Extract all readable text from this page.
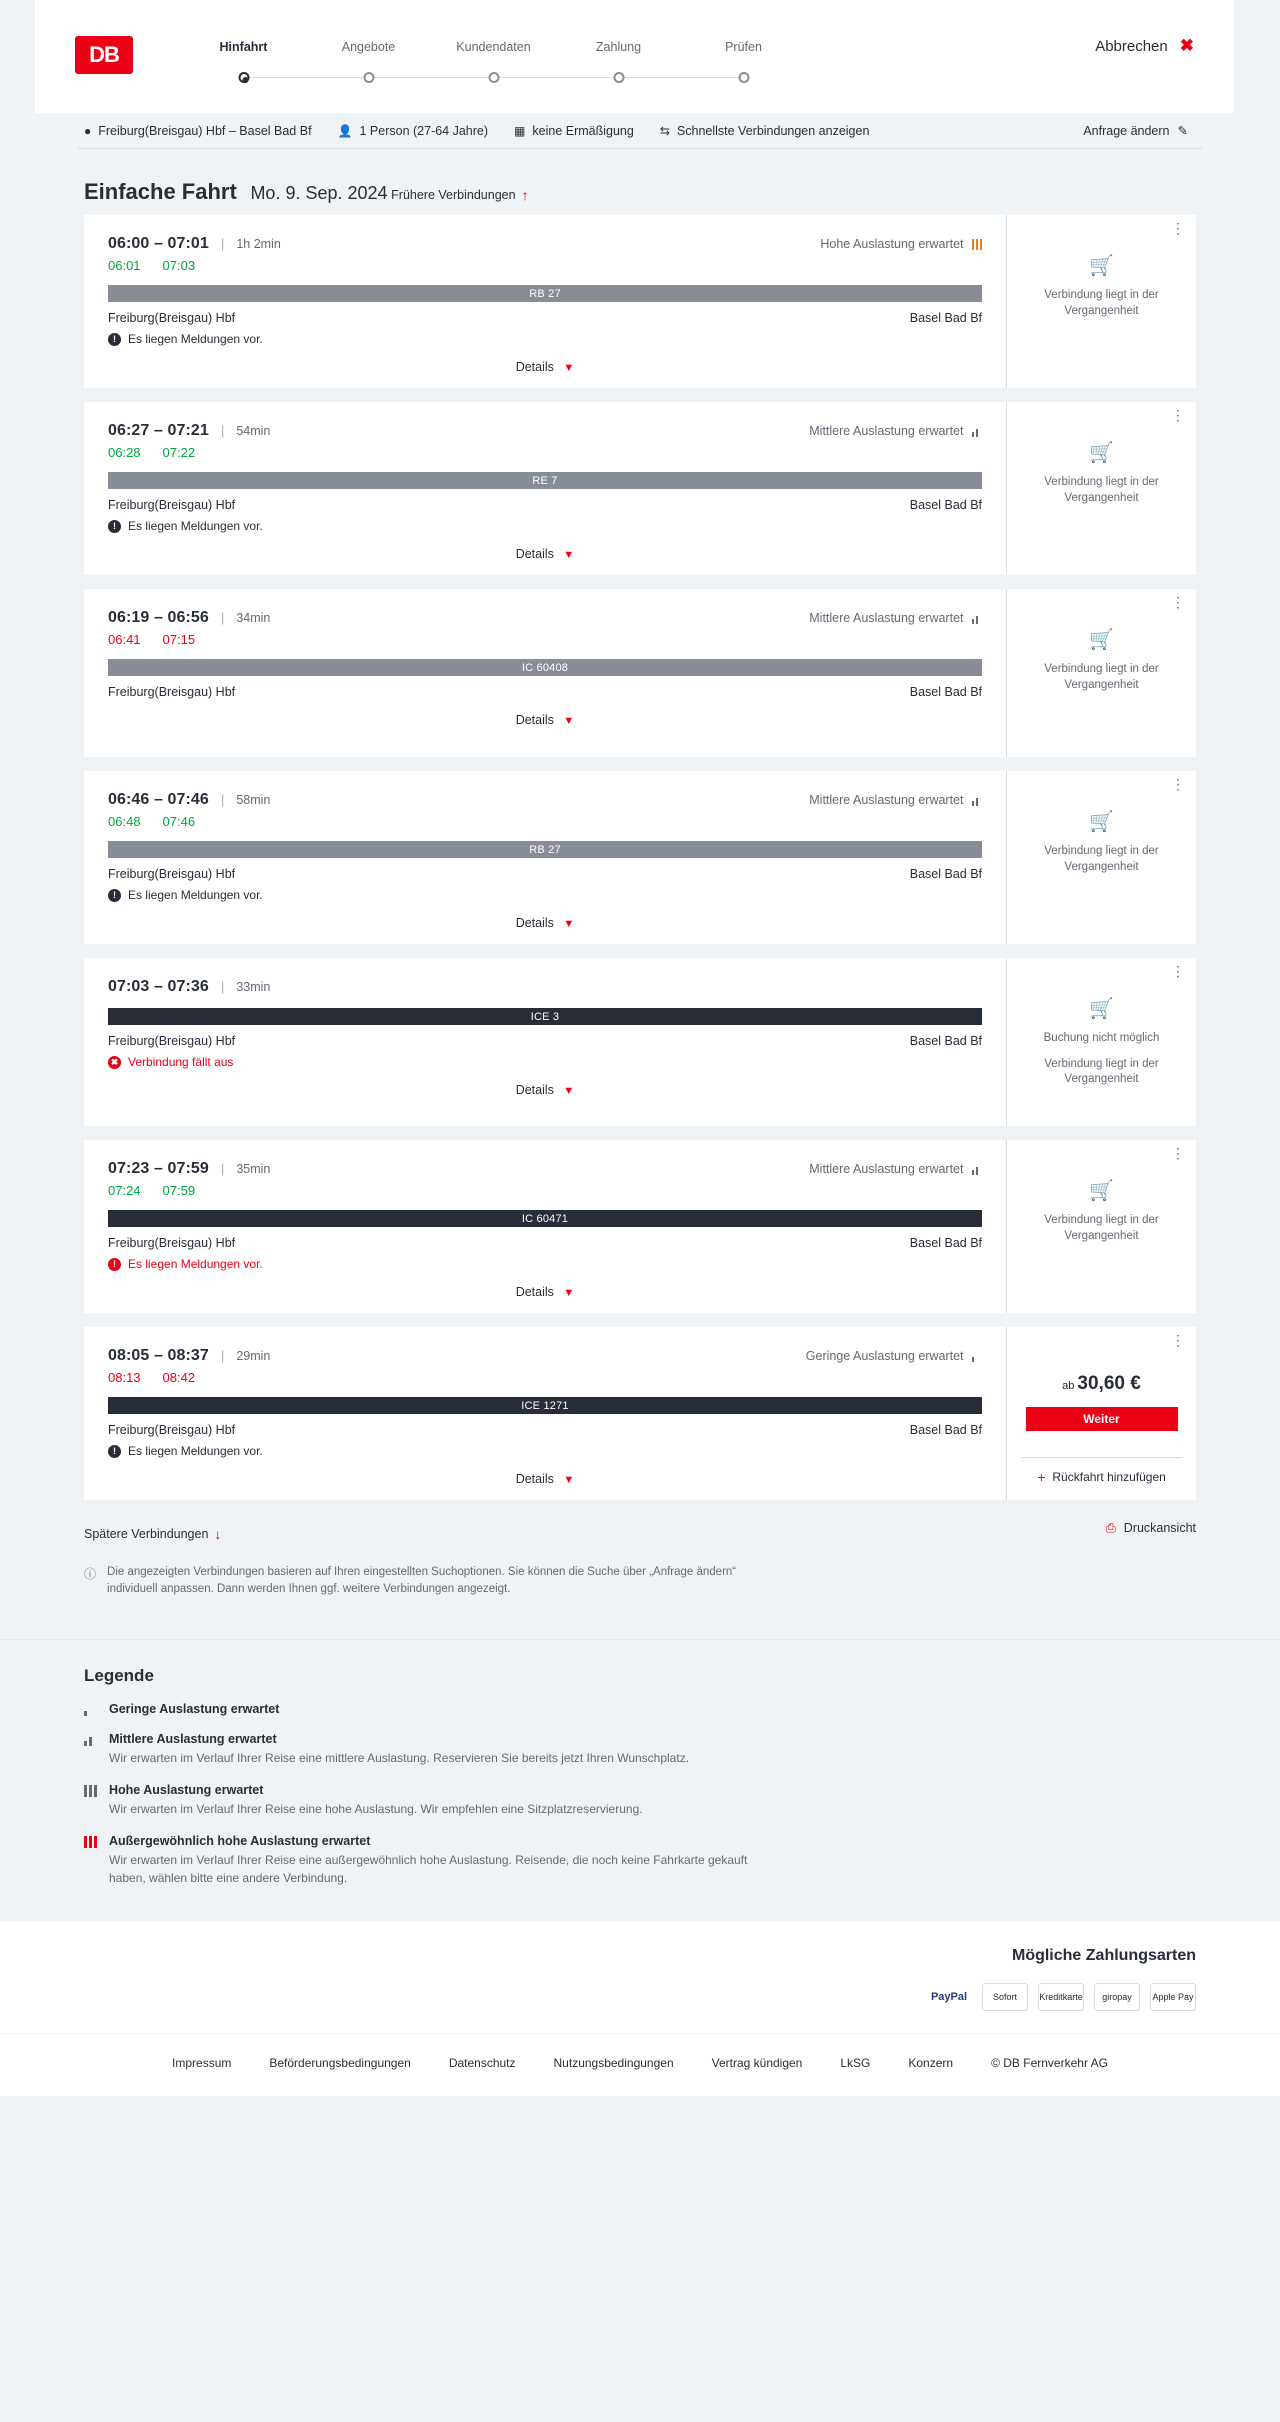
DB	Hinfahrt	Angebote	Kundendaten	Zahlung	Prüfen	Abbrechen ✖
● Freiburg(Breisgau) Hbf – Basel Bad Bf 👤 1 Person (27-64 Jahre) ▦ keine Ermäßigung ⇆ Schnellste Verbindungen anzeigen	Anfrage ändern ✎
Einfache Fahrt Mo. 9. Sep. 2024 Frühere Verbindungen ↑
06:00 – 07:01 | 1h 2min	Hohe Auslastung erwartet
06:01 07:03
RB 27
Freiburg(Breisgau) Hbf	Basel Bad Bf
!	Es liegen Meldungen vor.
Details ▼
⋮
🛒
Verbindung liegt in der Vergangenheit
06:27 – 07:21 | 54min	Mittlere Auslastung erwartet
06:28 07:22
RE 7
Freiburg(Breisgau) Hbf	Basel Bad Bf
!	Es liegen Meldungen vor.
Details ▼
⋮
🛒
Verbindung liegt in der Vergangenheit
06:19 – 06:56 | 34min	Mittlere Auslastung erwartet
06:41 07:15
IC 60408
Freiburg(Breisgau) Hbf	Basel Bad Bf
Details ▼
⋮
🛒
Verbindung liegt in der Vergangenheit
06:46 – 07:46 | 58min	Mittlere Auslastung erwartet
06:48 07:46
RB 27
Freiburg(Breisgau) Hbf	Basel Bad Bf
!	Es liegen Meldungen vor.
Details ▼
⋮
🛒
Verbindung liegt in der Vergangenheit
07:03 – 07:36 | 33min
ICE 3
Freiburg(Breisgau) Hbf	Basel Bad Bf
✖ Verbindung fällt aus
Details ▼
⋮
🛒
Buchung nicht möglich
Verbindung liegt in der Vergangenheit
07:23 – 07:59 | 35min	Mittlere Auslastung erwartet
07:24 07:59
IC 60471
Freiburg(Breisgau) Hbf	Basel Bad Bf
!	Es liegen Meldungen vor.
Details ▼
⋮
🛒
Verbindung liegt in der Vergangenheit
08:05 – 08:37 | 29min	Geringe Auslastung erwartet
08:13 08:42
ICE 1271
Freiburg(Breisgau) Hbf	Basel Bad Bf
!	Es liegen Meldungen vor.
Details ▼
⋮
ab 30,60 €
Weiter
+ Rückfahrt hinzufügen
Spätere Verbindungen ↓	⎙ Druckansicht
ⓘ Die angezeigten Verbindungen basieren auf Ihren eingestellten Suchoptionen. Sie können die Suche über „Anfrage ändern“ individuell anpassen. Dann werden Ihnen ggf. weitere Verbindungen angezeigt.
Legende
Geringe Auslastung erwartet
Mittlere Auslastung erwartet
Wir erwarten im Verlauf Ihrer Reise eine mittlere Auslastung. Reservieren Sie bereits jetzt Ihren Wunschplatz.
Hohe Auslastung erwartet
Wir erwarten im Verlauf Ihrer Reise eine hohe Auslastung. Wir empfehlen eine Sitzplatzreservierung.
Außergewöhnlich hohe Auslastung erwartet
Wir erwarten im Verlauf Ihrer Reise eine außergewöhnlich hohe Auslastung. Reisende, die noch keine Fahrkarte gekauft haben, wählen bitte eine andere Verbindung.
Mögliche Zahlungsarten
PayPal	Sofort	Kreditkarte	giropay	Apple Pay
Impressum	Beförderungsbedingungen	Datenschutz	Nutzungsbedingungen	Vertrag kündigen	LkSG	Konzern	© DB Fernverkehr AG
